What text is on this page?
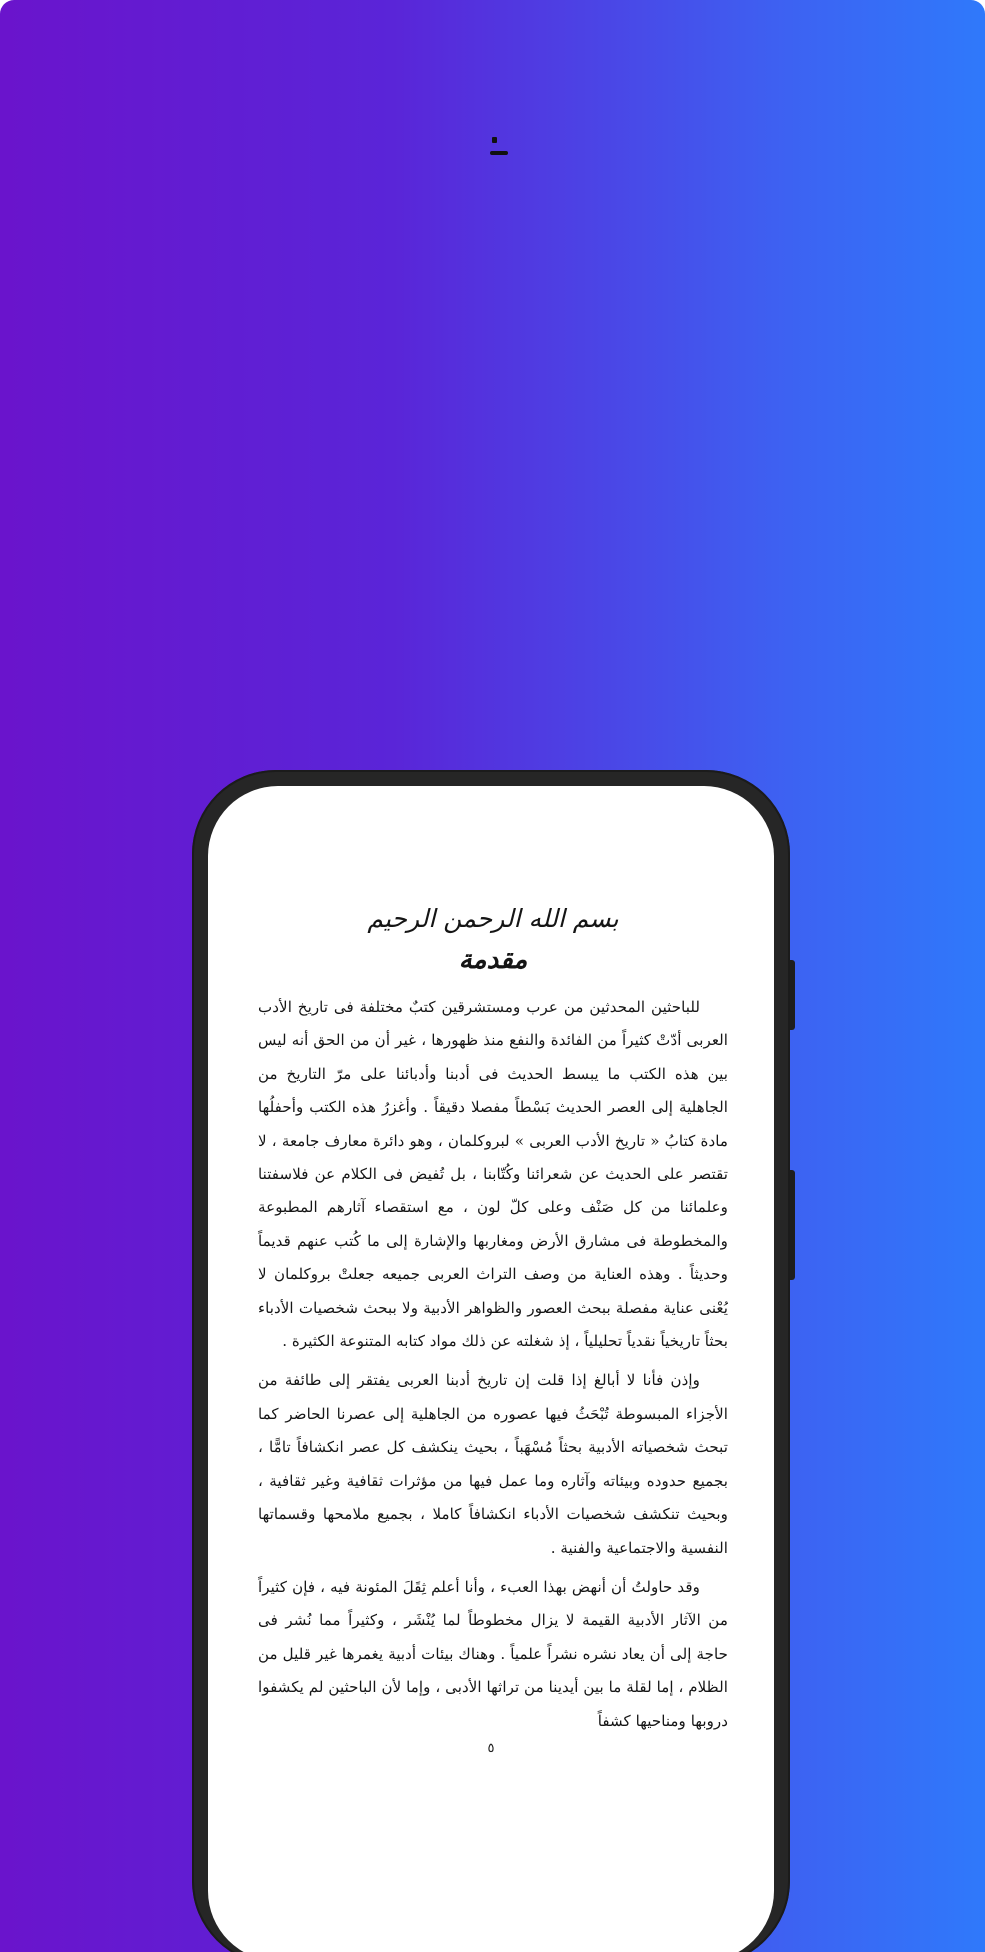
بسم الله الرحمن الرحيم
مقدمة

للباحثين المحدثين من عرب ومستشرقين كتبٌ مختلفة فى تاريخ الأدب العربى أدّتْ كثيراً من الفائدة والنفع منذ ظهورها ، غير أن من الحق أنه ليس بين هذه الكتب ما يبسط الحديث فى أدبنا وأدبائنا على مرّ التاريخ من الجاهلية إلى العصر الحديث بَسْطاً مفصلا دقيقاً . وأغزرُ هذه الكتب وأحفلُها مادة كتابُ « تاريخ الأدب العربى » لبروكلمان ، وهو دائرة معارف جامعة ، لا تقتصر على الحديث عن شعرائنا وكُتّابنا ، بل تُفيض فى الكلام عن فلاسفتنا وعلمائنا من كل صَنْف وعلى كلّ لون ، مع استقصاء آثارهم المطبوعة والمخطوطة فى مشارق الأرض ومغاربها والإشارة إلى ما كُتب عنهم قديماً وحديثاً . وهذه العناية من وصف التراث العربى جميعه جعلتْ بروكلمان لا يُعْنى عناية مفصلة ببحث العصور والظواهر الأدبية ولا ببحث شخصيات الأدباء بحثاً تاريخياً نقدياً تحليلياً ، إذ شغلته عن ذلك مواد كتابه المتنوعة الكثيرة .

وإذن فأنا لا أبالغ إذا قلت إن تاريخ أدبنا العربى يفتقر إلى طائفة من الأجزاء المبسوطة تُبْحَثُ فيها عصوره من الجاهلية إلى عصرنا الحاضر كما تبحث شخصياته الأدبية بحثاً مُسْهَباً ، بحيث ينكشف كل عصر انكشافاً تامًّا ، بجميع حدوده وبيئاته وآثاره وما عمل فيها من مؤثرات ثقافية وغير ثقافية ، وبحيث تنكشف شخصيات الأدباء انكشافاً كاملا ، بجميع ملامحها وقسماتها النفسية والاجتماعية والفنية .

وقد حاولتُ أن أنهض بهذا العبء ، وأنا أعلم ثِقَلَ المئونة فيه ، فإن كثيراً من الآثار الأدبية القيمة لا يزال مخطوطاً لما يُنْشَر ، وكثيراً مما نُشر فى حاجة إلى أن يعاد نشره نشراً علمياً . وهناك بيئات أدبية يغمرها غير قليل من الظلام ، إما لقلة ما بين أيدينا من تراثها الأدبى ، وإما لأن الباحثين لم يكشفوا دروبها ومناحيها كشفاً

٥
